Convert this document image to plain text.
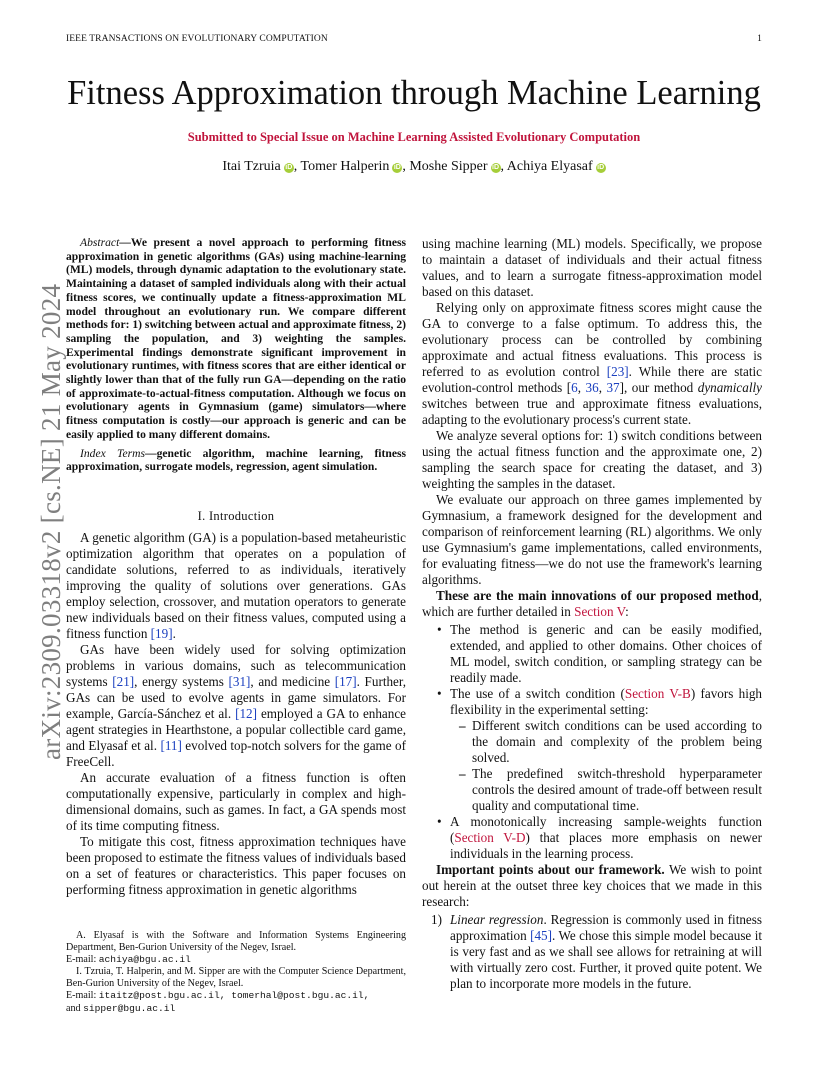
IEEE TRANSACTIONS ON EVOLUTIONARY COMPUTATION	1
arXiv:2309.03318v2 [cs.NE] 21 May 2024
Fitness Approximation through Machine Learning
Submitted to Special Issue on Machine Learning Assisted Evolutionary Computation
Itai Tzruia iD , Tomer Halperin iD , Moshe Sipper iD , Achiya Elyasaf iD

Abstract—We present a novel approach to performing fitness approximation in genetic algorithms (GAs) using machine-learning (ML) models, through dynamic adaptation to the evolutionary state. Maintaining a dataset of sampled individuals along with their actual fitness scores, we continually update a fitness-approximation ML model throughout an evolutionary run. We compare different methods for: 1) switching between actual and approximate fitness, 2) sampling the population, and 3) weighting the samples. Experimental findings demonstrate significant improvement in evolutionary runtimes, with fitness scores that are either identical or slightly lower than that of the fully run GA—depending on the ratio of approximate-to-actual-fitness computation. Although we focus on evolutionary agents in Gymnasium (game) simulators—where fitness computation is costly—our approach is generic and can be easily applied to many different domains.

Index Terms—genetic algorithm, machine learning, fitness approximation, surrogate models, regression, agent simulation.

I. Introduction

A genetic algorithm (GA) is a population-based metaheuristic optimization algorithm that operates on a population of candidate solutions, referred to as individuals, iteratively improving the quality of solutions over generations. GAs employ selection, crossover, and mutation operators to generate new individuals based on their fitness values, computed using a fitness function [19].

GAs have been widely used for solving optimization problems in various domains, such as telecommunication systems [21], energy systems [31], and medicine [17]. Further, GAs can be used to evolve agents in game simulators. For example, García-Sánchez et al. [12] employed a GA to enhance agent strategies in Hearthstone, a popular collectible card game, and Elyasaf et al. [11] evolved top-notch solvers for the game of FreeCell.

An accurate evaluation of a fitness function is often computationally expensive, particularly in complex and high-dimensional domains, such as games. In fact, a GA spends most of its time computing fitness.

To mitigate this cost, fitness approximation techniques have been proposed to estimate the fitness values of individuals based on a set of features or characteristics. This paper focuses on performing fitness approximation in genetic algorithms

A. Elyasaf is with the Software and Information Systems Engineering Department, Ben-Gurion University of the Negev, Israel.
E-mail: achiya@bgu.ac.il

I. Tzruia, T. Halperin, and M. Sipper are with the Computer Science Department, Ben-Gurion University of the Negev, Israel.
E-mail: itaitz@post.bgu.ac.il, tomerhal@post.bgu.ac.il,
and sipper@bgu.ac.il

using machine learning (ML) models. Specifically, we propose to maintain a dataset of individuals and their actual fitness values, and to learn a surrogate fitness-approximation model based on this dataset.

Relying only on approximate fitness scores might cause the GA to converge to a false optimum. To address this, the evolutionary process can be controlled by combining approximate and actual fitness evaluations. This process is referred to as evolution control [23]. While there are static evolution-control methods [6, 36, 37], our method dynamically switches between true and approximate fitness evaluations, adapting to the evolutionary process's current state.

We analyze several options for: 1) switch conditions between using the actual fitness function and the approximate one, 2) sampling the search space for creating the dataset, and 3) weighting the samples in the dataset.

We evaluate our approach on three games implemented by Gymnasium, a framework designed for the development and comparison of reinforcement learning (RL) algorithms. We only use Gymnasium's game implementations, called environments, for evaluating fitness—we do not use the framework's learning algorithms.

These are the main innovations of our proposed method, which are further detailed in Section V:

• The method is generic and can be easily modified, extended, and applied to other domains. Other choices of ML model, switch condition, or sampling strategy can be readily made.
• The use of a switch condition (Section V-B) favors high flexibility in the experimental setting:
– Different switch conditions can be used according to the domain and complexity of the problem being solved.
– The predefined switch-threshold hyperparameter controls the desired amount of trade-off between result quality and computational time.
• A monotonically increasing sample-weights function (Section V-D) that places more emphasis on newer individuals in the learning process.

Important points about our framework. We wish to point out herein at the outset three key choices that we made in this research:

1) Linear regression. Regression is commonly used in fitness approximation [45]. We chose this simple model because it is very fast and as we shall see allows for retraining at will with virtually zero cost. Further, it proved quite potent. We plan to incorporate more models in the future.
